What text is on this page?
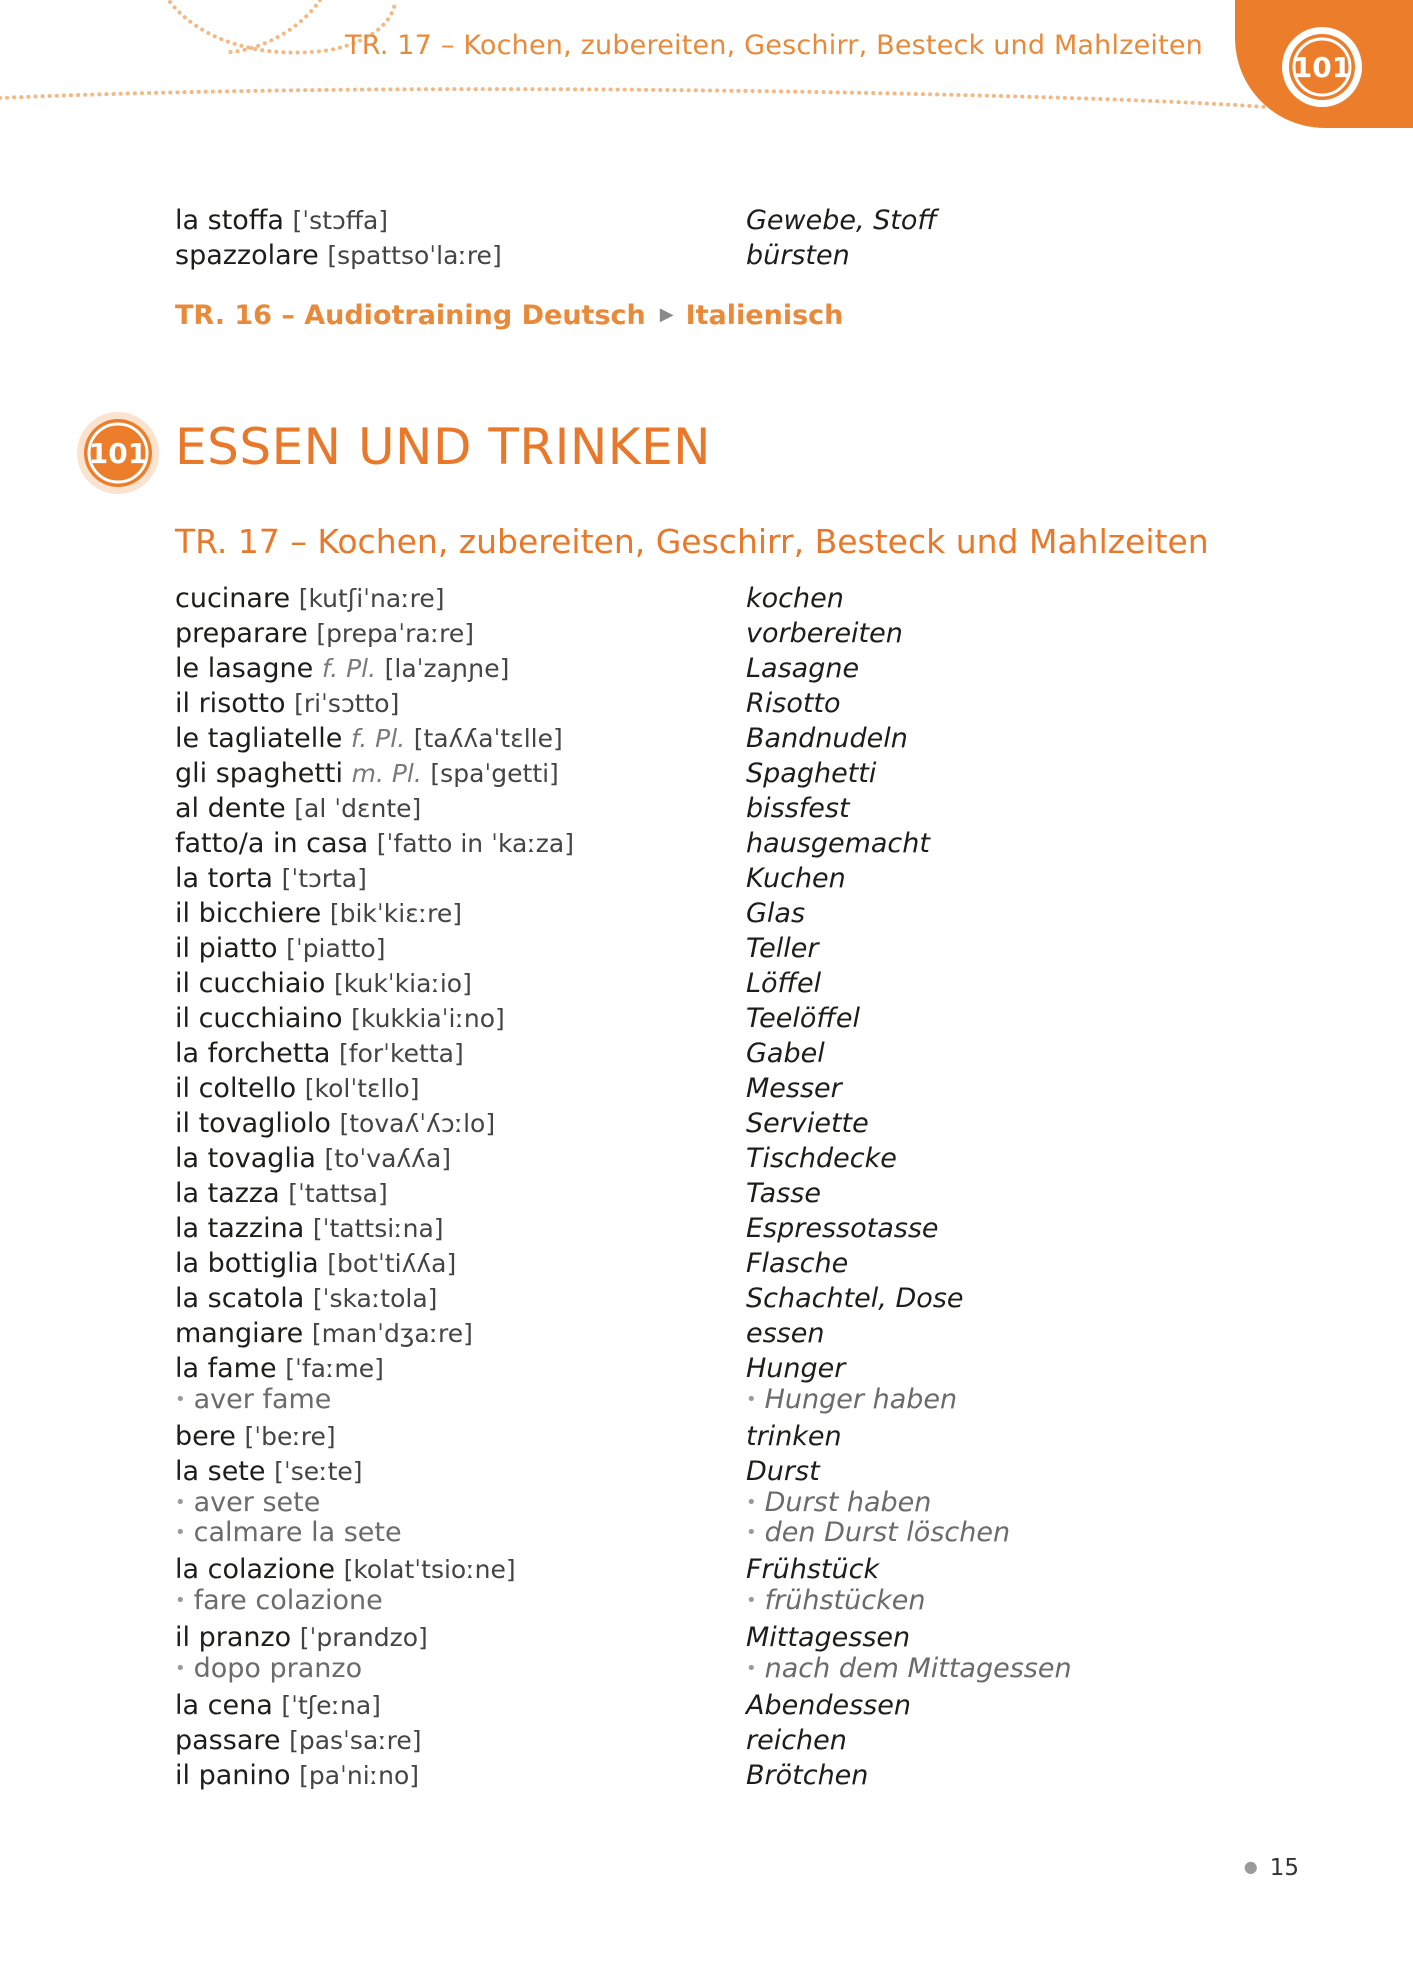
TR. 17 – Kochen, zubereiten, Geschirr, Besteck und Mahlzeiten
101
la stoffa [ˈstɔffa]	Gewebe, Stoff
spazzolare [spattsoˈlaːre]	bürsten
TR. 16 – Audiotraining Deutsch ▶ Italienisch
TR. 17 – Kochen, zubereiten, Geschirr, Besteck und Mahlzeiten
cucinare [kutʃiˈnaːre]	kochen
preparare [prepaˈraːre]	vorbereiten
le lasagne f. Pl. [laˈzaɲɲe]	Lasagne
il risotto [riˈsɔtto]	Risotto
le tagliatelle f. Pl. [taʎʎaˈtɛlle]	Bandnudeln
gli spaghetti m. Pl. [spaˈgetti]	Spaghetti
al dente [al ˈdɛnte]	bissfest
fatto/a in casa [ˈfatto in ˈkaːza]	hausgemacht
la torta [ˈtɔrta]	Kuchen
il bicchiere [bikˈkiɛːre]	Glas
il piatto [ˈpiatto]	Teller
il cucchiaio [kukˈkiaːio]	Löffel
il cucchiaino [kukkiaˈiːno]	Teelöffel
la forchetta [forˈketta]	Gabel
il coltello [kolˈtɛllo]	Messer
il tovagliolo [tovaʎˈʎɔːlo]	Serviette
la tovaglia [toˈvaʎʎa]	Tischdecke
la tazza [ˈtattsa]	Tasse
la tazzina [ˈtattsiːna]	Espressotasse
la bottiglia [botˈtiʎʎa]	Flasche
la scatola [ˈskaːtola]	Schachtel, Dose
mangiare [manˈdʒaːre]	essen
la fame [ˈfaːme]	Hunger
• aver fame	• Hunger haben
bere [ˈbeːre]	trinken
la sete [ˈseːte]	Durst
• aver sete	• Durst haben
• calmare la sete	• den Durst löschen
la colazione [kolatˈtsioːne]	Frühstück
• fare colazione	• frühstücken
il pranzo [ˈprandzo]	Mittagessen
• dopo pranzo	• nach dem Mittagessen
la cena [ˈtʃeːna]	Abendessen
passare [pasˈsaːre]	reichen
il panino [paˈniːno]	Brötchen
101 ESSEN UND TRINKEN
● 15
